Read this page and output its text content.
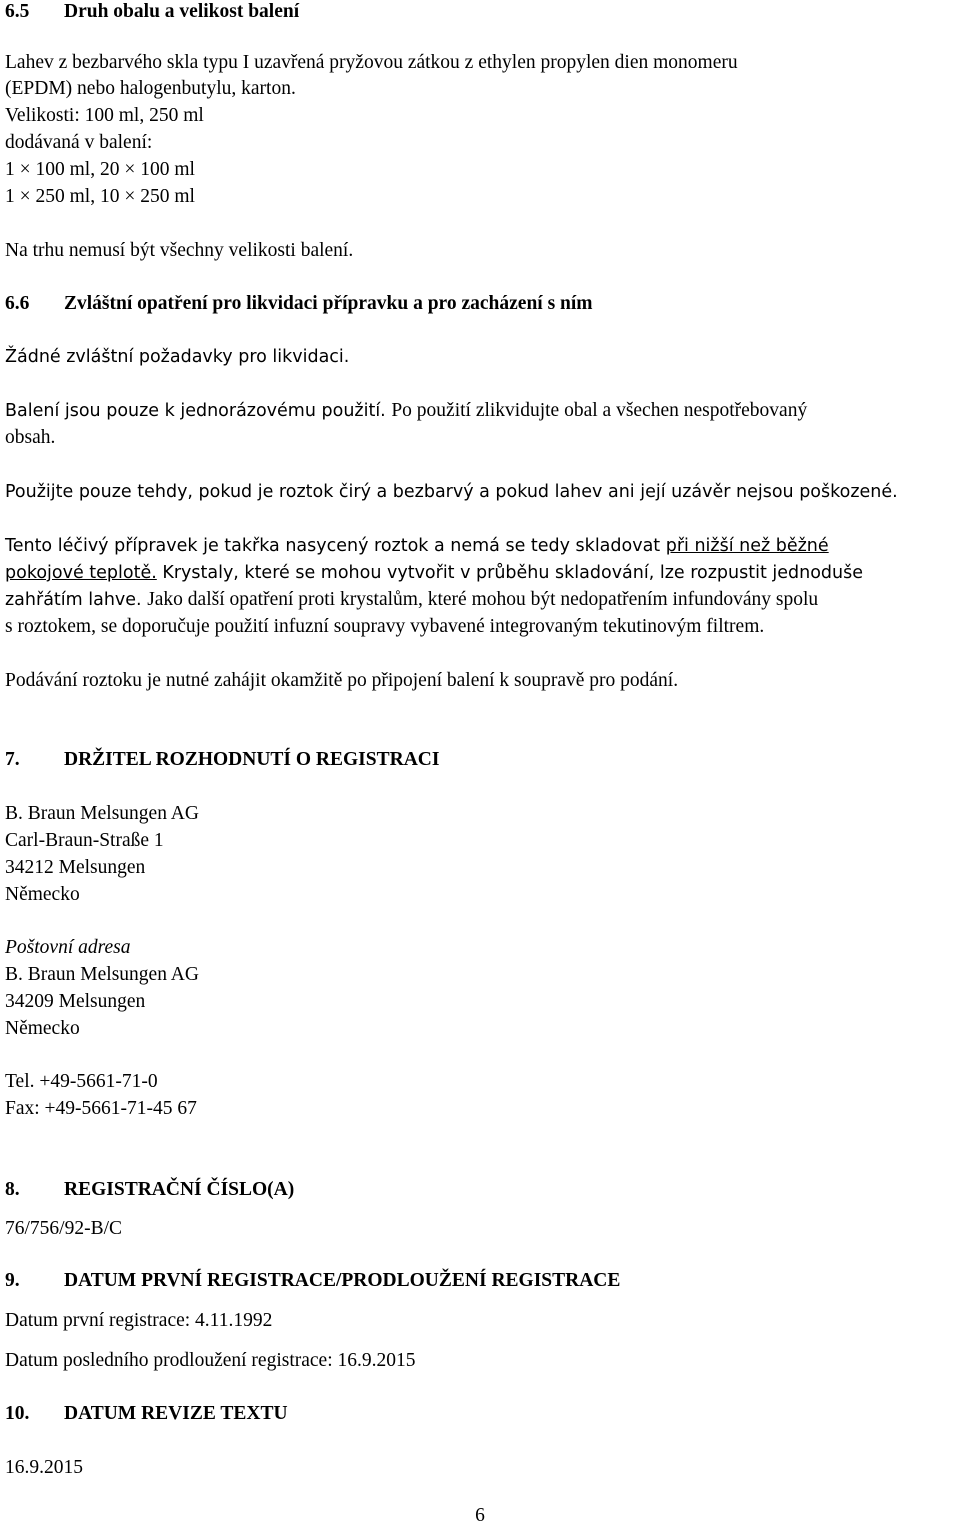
6.5 Druh obalu a velikost balení
Lahev z bezbarvého skla typu I uzavřená pryžovou zátkou z ethylen propylen dien monomeru
(EPDM) nebo halogenbutylu, karton.
Velikosti: 100 ml, 250 ml
dodávaná v balení:
1 × 100 ml, 20 × 100 ml
1 × 250 ml, 10 × 250 ml
Na trhu nemusí být všechny velikosti balení.
6.6 Zvláštní opatření pro likvidaci přípravku a pro zacházení s ním
Žádné zvláštní požadavky pro likvidaci.
Balení jsou pouze k jednorázovému použití. Po použití zlikvidujte obal a všechen nespotřebovaný
obsah.
Použijte pouze tehdy, pokud je roztok čirý a bezbarvý a pokud lahev ani její uzávěr nejsou poškozené.
Tento léčivý přípravek je takřka nasycený roztok a nemá se tedy skladovat při nižší než běžné
pokojové teplotě. Krystaly, které se mohou vytvořit v průběhu skladování, lze rozpustit jednoduše
zahřátím lahve. Jako další opatření proti krystalům, které mohou být nedopatřením infundovány spolu
s roztokem, se doporučuje použití infuzní soupravy vybavené integrovaným tekutinovým filtrem.
Podávání roztoku je nutné zahájit okamžitě po připojení balení k soupravě pro podání.
7. DRŽITEL ROZHODNUTÍ O REGISTRACI
B. Braun Melsungen AG
Carl-Braun-Straße 1
34212 Melsungen
Německo
Poštovní adresa
B. Braun Melsungen AG
34209 Melsungen
Německo
Tel. +49-5661-71-0
Fax: +49-5661-71-45 67
8. REGISTRAČNÍ ČÍSLO(A)
76/756/92-B/C
9. DATUM PRVNÍ REGISTRACE/PRODLOUŽENÍ REGISTRACE
Datum první registrace: 4.11.1992
Datum posledního prodloužení registrace: 16.9.2015
10. DATUM REVIZE TEXTU
16.9.2015
6
